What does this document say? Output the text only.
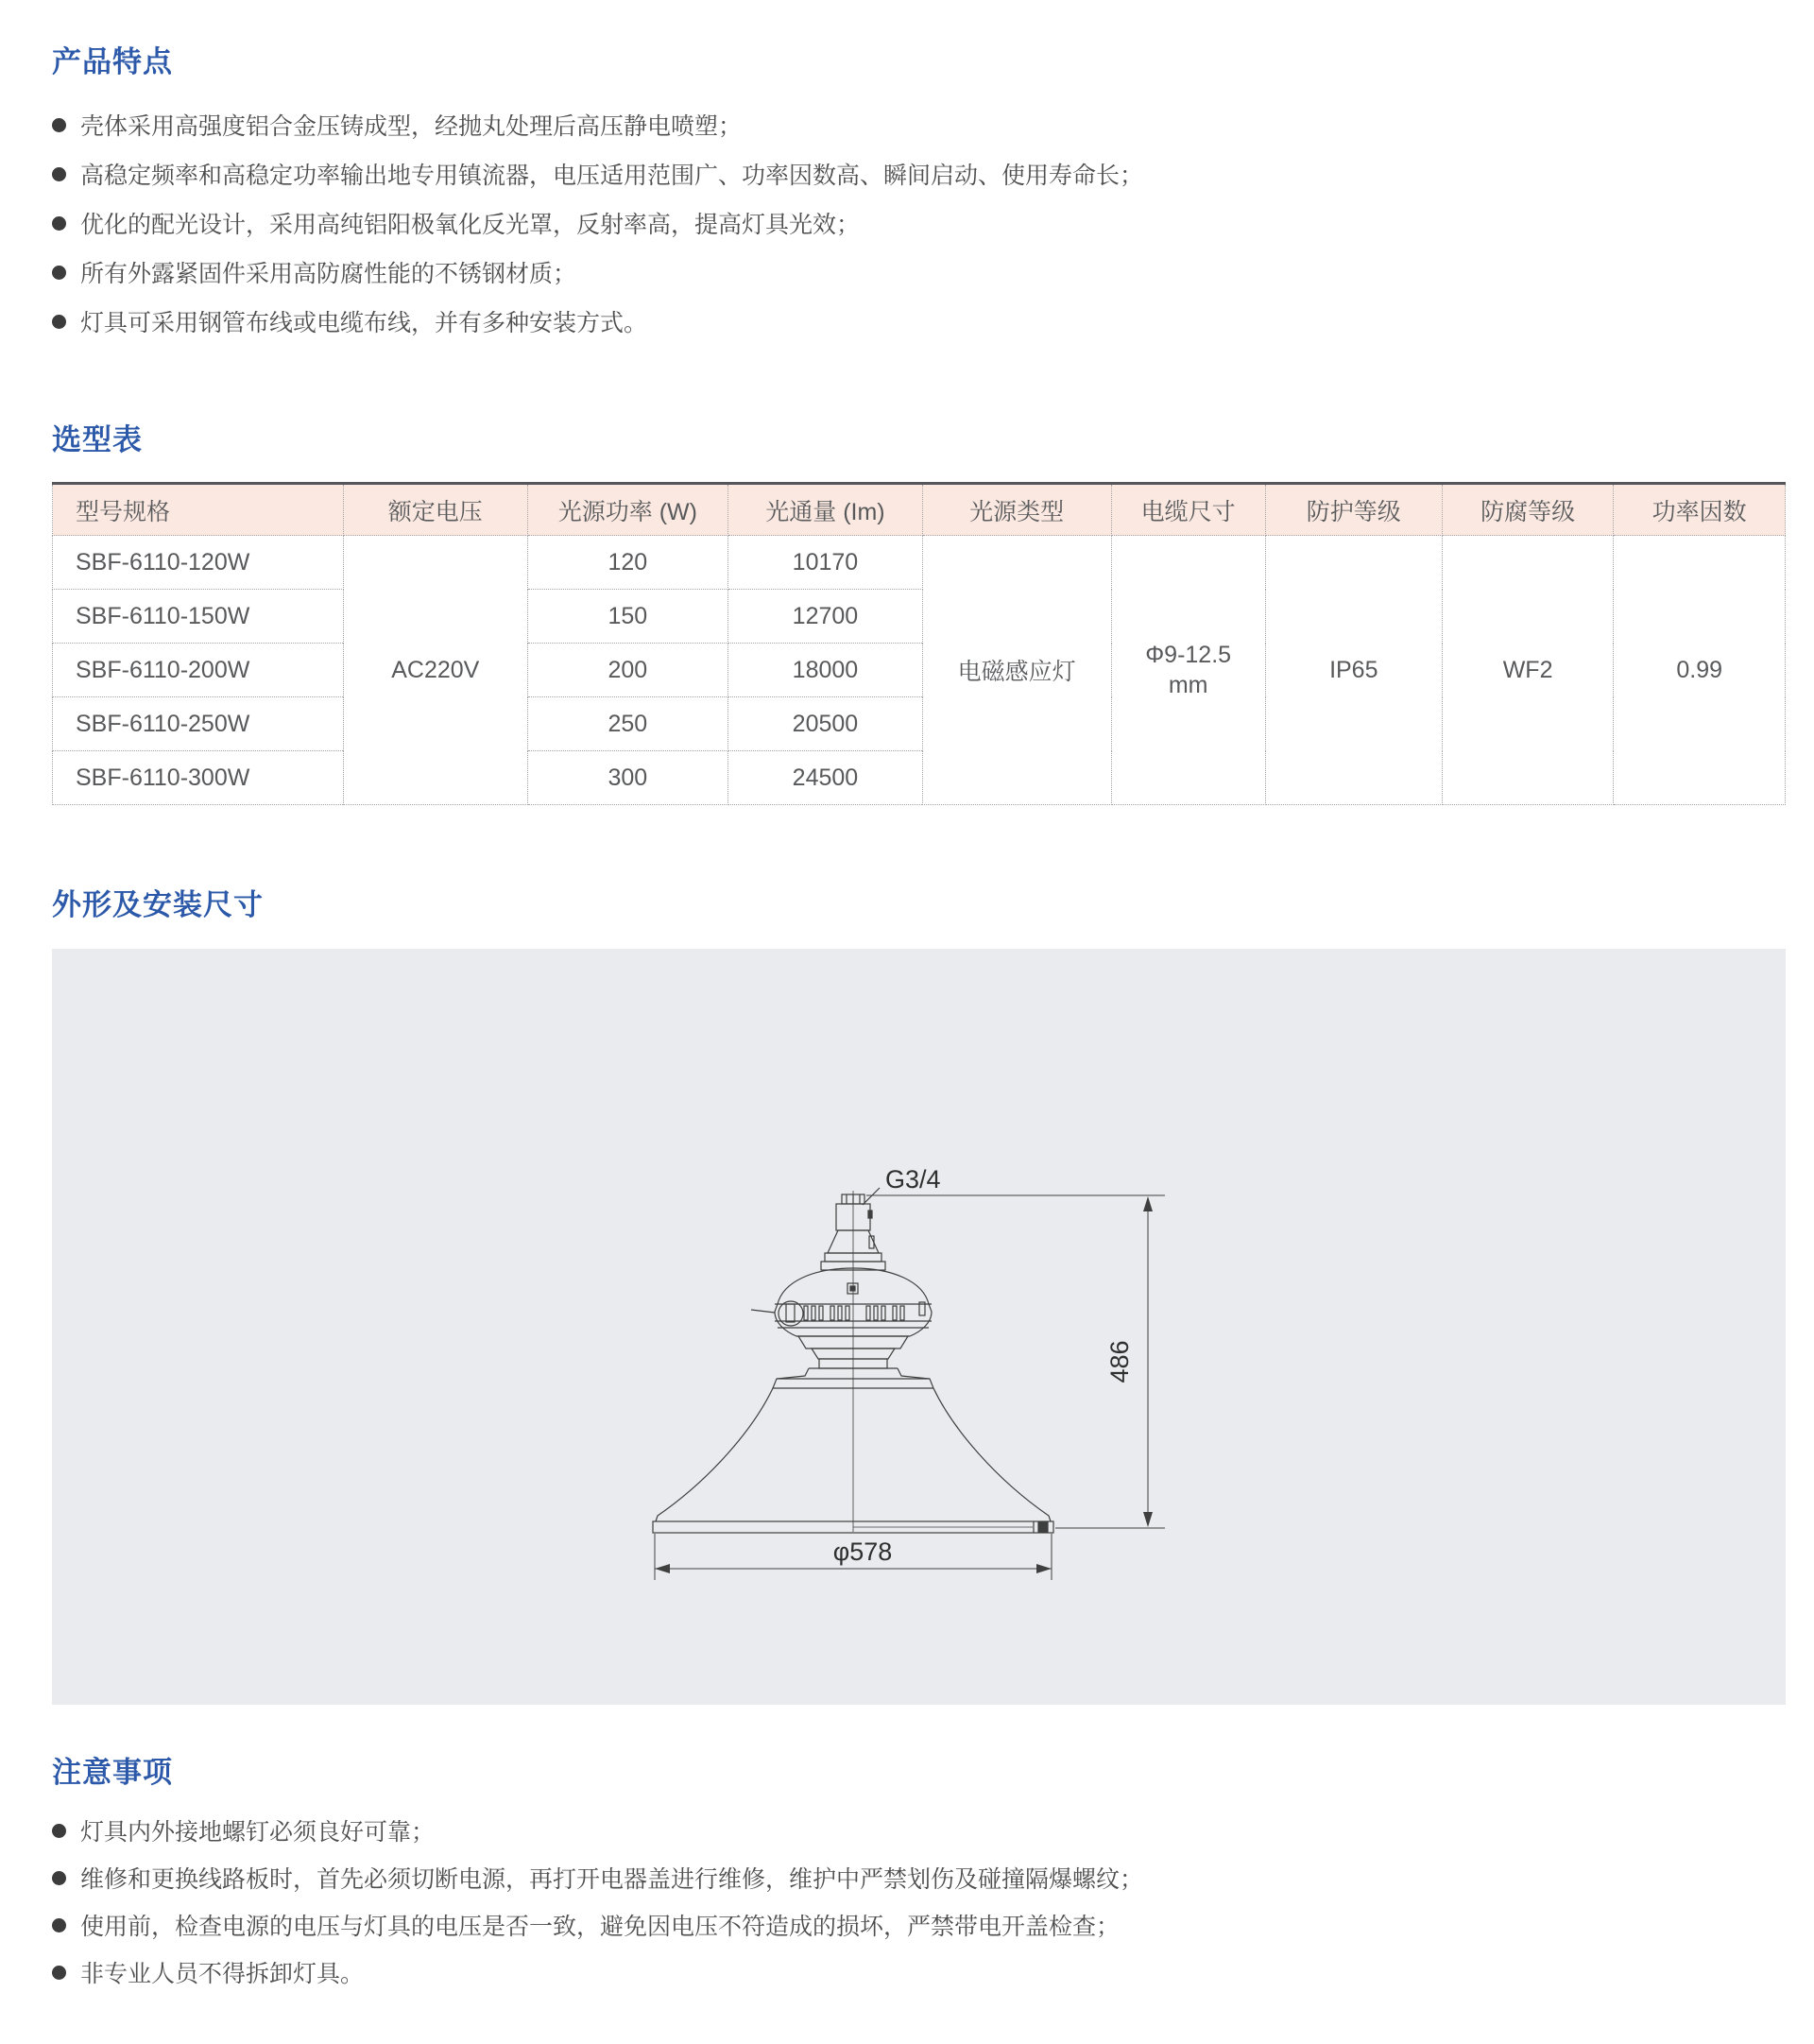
产品特点
壳体采用高强度铝合金压铸成型，经抛丸处理后高压静电喷塑；
高稳定频率和高稳定功率输出地专用镇流器，电压适用范围广、功率因数高、瞬间启动、使用寿命长；
优化的配光设计，采用高纯铝阳极氧化反光罩，反射率高，提高灯具光效；
所有外露紧固件采用高防腐性能的不锈钢材质；
灯具可采用钢管布线或电缆布线，并有多种安装方式。
选型表
型号规格	额定电压	光源功率 (W)	光通量 (Im)	光源类型	电缆尺寸	防护等级	防腐等级	功率因数
SBF-6110-120W	AC220V	120	10170	电磁感应灯	Φ9-12.5 mm	IP65	WF2	0.99
SBF-6110-150W		150	12700					
SBF-6110-200W		200	18000					
SBF-6110-250W		250	20500					
SBF-6110-300W		300	24500					
外形及安装尺寸
486
φ578
G3/4
注意事项
灯具内外接地螺钉必须良好可靠；
维修和更换线路板时，首先必须切断电源，再打开电器盖进行维修，维护中严禁划伤及碰撞隔爆螺纹；
使用前，检查电源的电压与灯具的电压是否一致，避免因电压不符造成的损坏，严禁带电开盖检查；
非专业人员不得拆卸灯具。
